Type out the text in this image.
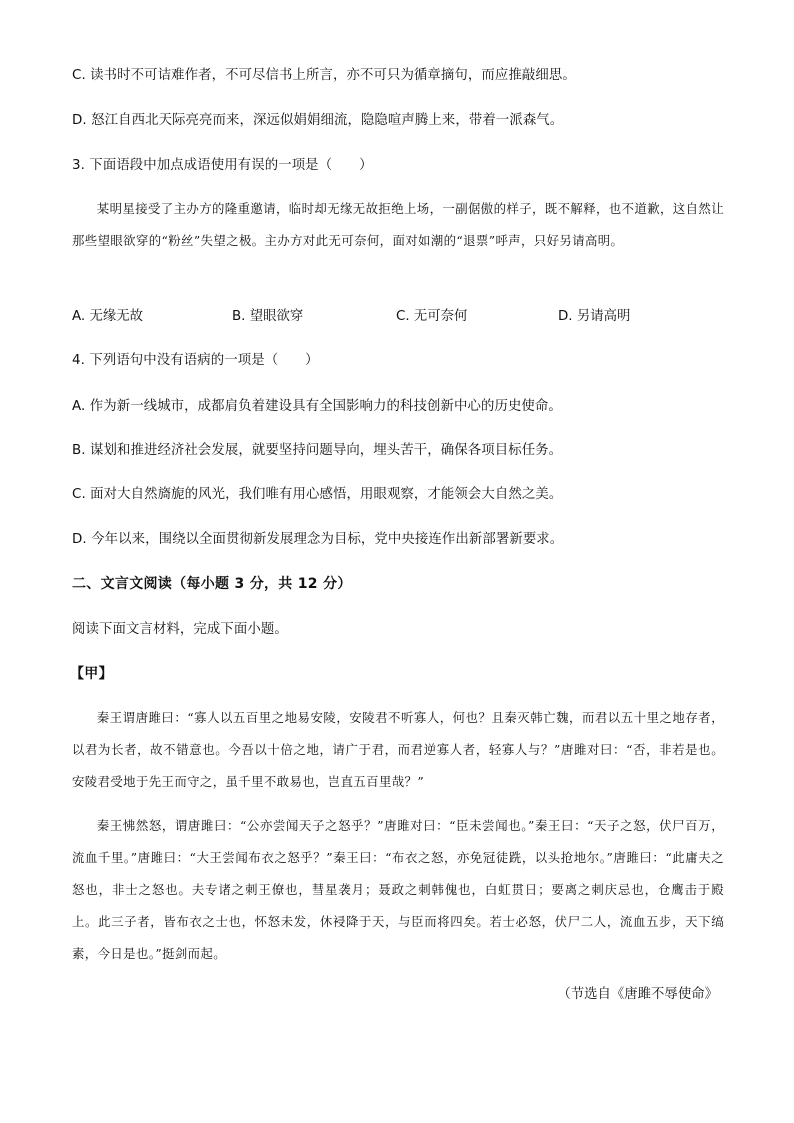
C. 读书时不可诘难作者，不可尽信书上所言，亦不可只为循章摘句，而应推敲细思。
D. 怒江自西北天际亮亮而来，深远似娟娟细流，隐隐喧声腾上来，带着一派森气。
3. 下面语段中加点成语使用有误的一项是（　　）
某明星接受了主办方的隆重邀请，临时却无缘无故拒绝上场，一副倨傲的样子，既不解释，也不道歉，这自然让那些望眼欲穿的“粉丝”失望之极。主办方对此无可奈何，面对如潮的“退票”呼声，只好另请高明。
A. 无缘无故	B. 望眼欲穿	C. 无可奈何	D. 另请高明
4. 下列语句中没有语病的一项是（　　）
A. 作为新一线城市，成都肩负着建设具有全国影响力的科技创新中心的历史使命。
B. 谋划和推进经济社会发展，就要坚持问题导向，埋头苦干，确保各项目标任务。
C. 面对大自然旖旎的风光，我们唯有用心感悟，用眼观察，才能领会大自然之美。
D. 今年以来，围绕以全面贯彻新发展理念为目标，党中央接连作出新部署新要求。
二、文言文阅读（每小题 3 分，共 12 分）
阅读下面文言材料，完成下面小题。
【甲】
秦王谓唐雎曰：“寡人以五百里之地易安陵，安陵君不听寡人，何也？且秦灭韩亡魏，而君以五十里之地存者，以君为长者，故不错意也。今吾以十倍之地，请广于君，而君逆寡人者，轻寡人与？”唐雎对曰：“否，非若是也。安陵君受地于先王而守之，虽千里不敢易也，岂直五百里哉？”
秦王怫然怒，谓唐雎曰：“公亦尝闻天子之怒乎？”唐雎对曰：“臣未尝闻也。”秦王曰：“天子之怒，伏尸百万，流血千里。”唐雎曰：“大王尝闻布衣之怒乎？”秦王曰：“布衣之怒，亦免冠徒跣，以头抢地尔。”唐雎曰：“此庸夫之怒也，非士之怒也。夫专诸之刺王僚也，彗星袭月；聂政之刺韩傀也，白虹贯日；要离之刺庆忌也，仓鹰击于殿上。此三子者，皆布衣之士也，怀怒未发，休祲降于天，与臣而将四矣。若士必怒，伏尸二人，流血五步，天下缟素，今日是也。”挺剑而起。
（节选自《唐雎不辱使命》
